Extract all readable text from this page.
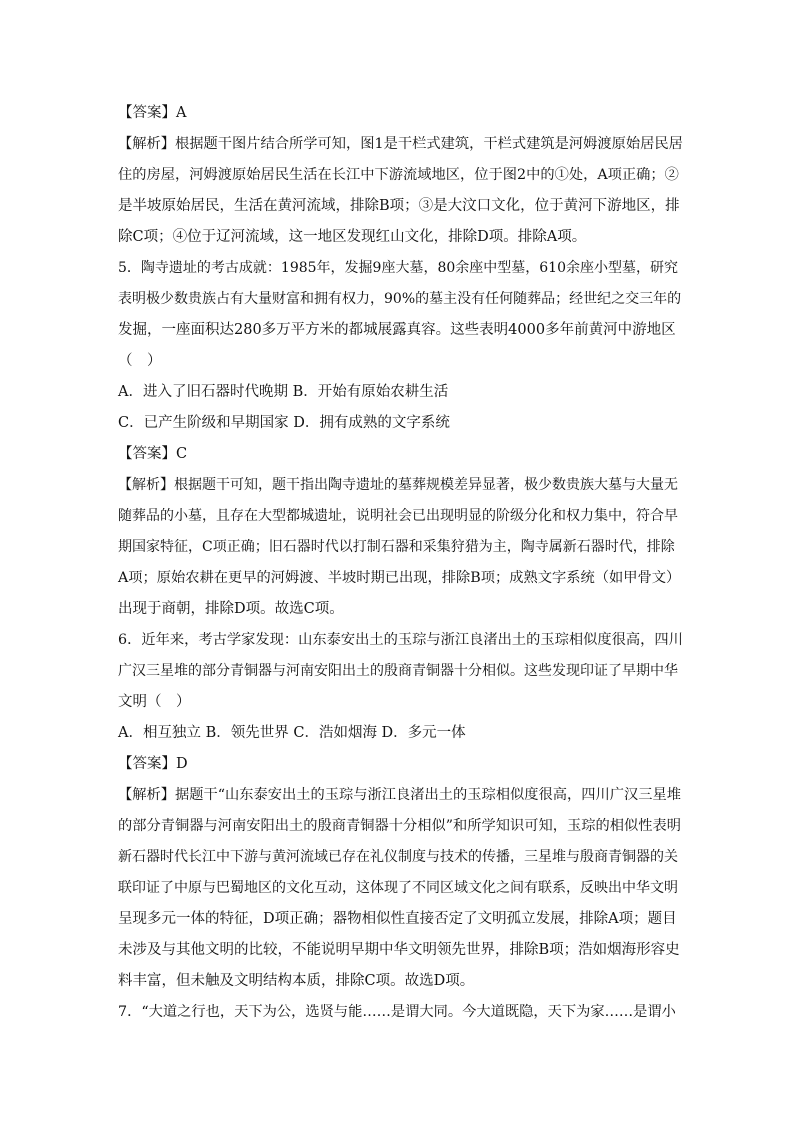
【答案】A
【解析】根据题干图片结合所学可知，图1是干栏式建筑，干栏式建筑是河姆渡原始居民居
住的房屋，河姆渡原始居民生活在长江中下游流域地区，位于图2中的①处，A项正确；②
是半坡原始居民，生活在黄河流域，排除B项；③是大汶口文化，位于黄河下游地区，排
除C项；④位于辽河流域，这一地区发现红山文化，排除D项。排除A项。
5．陶寺遗址的考古成就：1985年，发掘9座大墓，80余座中型墓，610余座小型墓，研究
表明极少数贵族占有大量财富和拥有权力，90%的墓主没有任何随葬品；经世纪之交三年的
发掘，一座面积达280多万平方米的都城展露真容。这些表明4000多年前黄河中游地区
（　）
A．进入了旧石器时代晚期 B．开始有原始农耕生活
C．已产生阶级和早期国家 D．拥有成熟的文字系统
【答案】C
【解析】根据题干可知，题干指出陶寺遗址的墓葬规模差异显著，极少数贵族大墓与大量无
随葬品的小墓，且存在大型都城遗址，说明社会已出现明显的阶级分化和权力集中，符合早
期国家特征，C项正确；旧石器时代以打制石器和采集狩猎为主，陶寺属新石器时代，排除
A项；原始农耕在更早的河姆渡、半坡时期已出现，排除B项；成熟文字系统（如甲骨文）
出现于商朝，排除D项。故选C项。
6．近年来，考古学家发现：山东泰安出土的玉琮与浙江良渚出土的玉琮相似度很高，四川
广汉三星堆的部分青铜器与河南安阳出土的殷商青铜器十分相似。这些发现印证了早期中华
文明（　）
A．相互独立 B．领先世界 C．浩如烟海 D．多元一体
【答案】D
【解析】据题干“山东泰安出土的玉琮与浙江良渚出土的玉琮相似度很高，四川广汉三星堆
的部分青铜器与河南安阳出土的殷商青铜器十分相似”和所学知识可知，玉琮的相似性表明
新石器时代长江中下游与黄河流域已存在礼仪制度与技术的传播，三星堆与殷商青铜器的关
联印证了中原与巴蜀地区的文化互动，这体现了不同区域文化之间有联系，反映出中华文明
呈现多元一体的特征，D项正确；器物相似性直接否定了文明孤立发展，排除A项；题目
未涉及与其他文明的比较，不能说明早期中华文明领先世界，排除B项；浩如烟海形容史
料丰富，但未触及文明结构本质，排除C项。故选D项。
7．“大道之行也，天下为公，选贤与能……是谓大同。今大道既隐，天下为家……是谓小
